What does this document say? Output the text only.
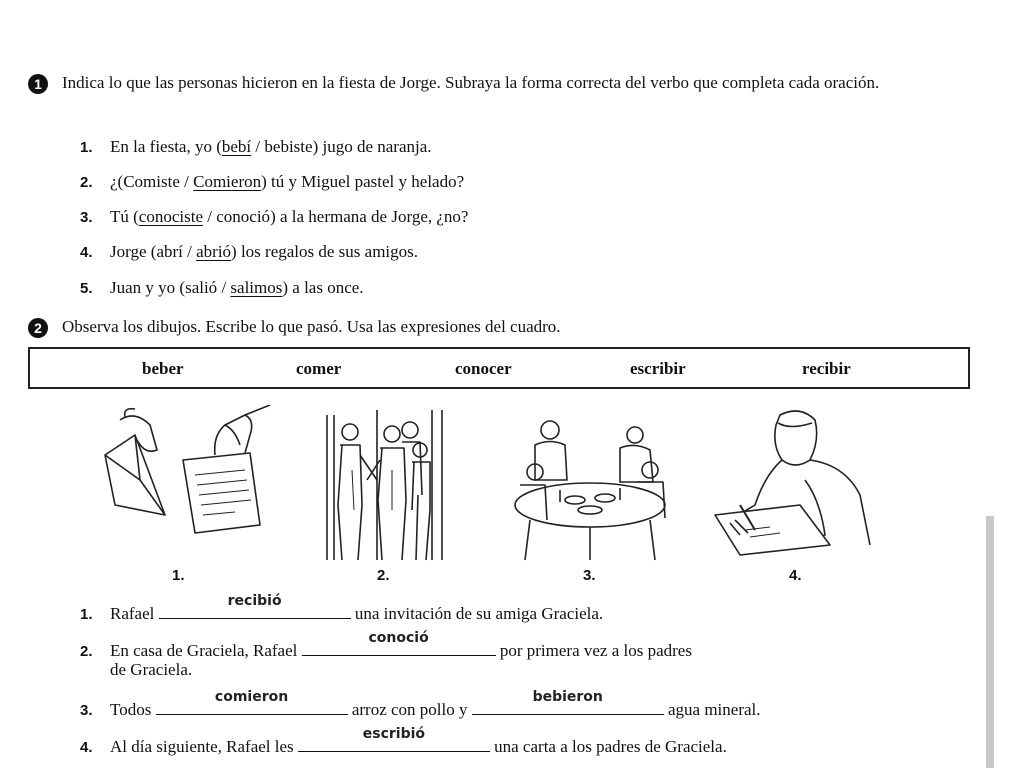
1	Indica lo que las personas hicieron en la fiesta de Jorge. Subraya la forma correcta del verbo que completa cada oración.
1. En la fiesta, yo (bebí / bebiste) jugo de naranja.
2. ¿(Comiste / Comieron) tú y Miguel pastel y helado?
3. Tú (conociste / conoció) a la hermana de Jorge, ¿no?
4. Jorge (abrí / abrió) los regalos de sus amigos.
5. Juan y yo (salió / salimos) a las once.
2	Observa los dibujos. Escribe lo que pasó. Usa las expresiones del cuadro.
beber	comer	conocer	escribir	recibir
1.	2.	3.	4.
1. Rafael
recibió
una invitación de su amiga Graciela.
2. En casa de Graciela, Rafael
conoció
por primera vez a los padres
de Graciela.
3. Todos
comieron
arroz con pollo y
bebieron
agua mineral.
4. Al día siguiente, Rafael les
escribió
una carta a los padres de Graciela.
